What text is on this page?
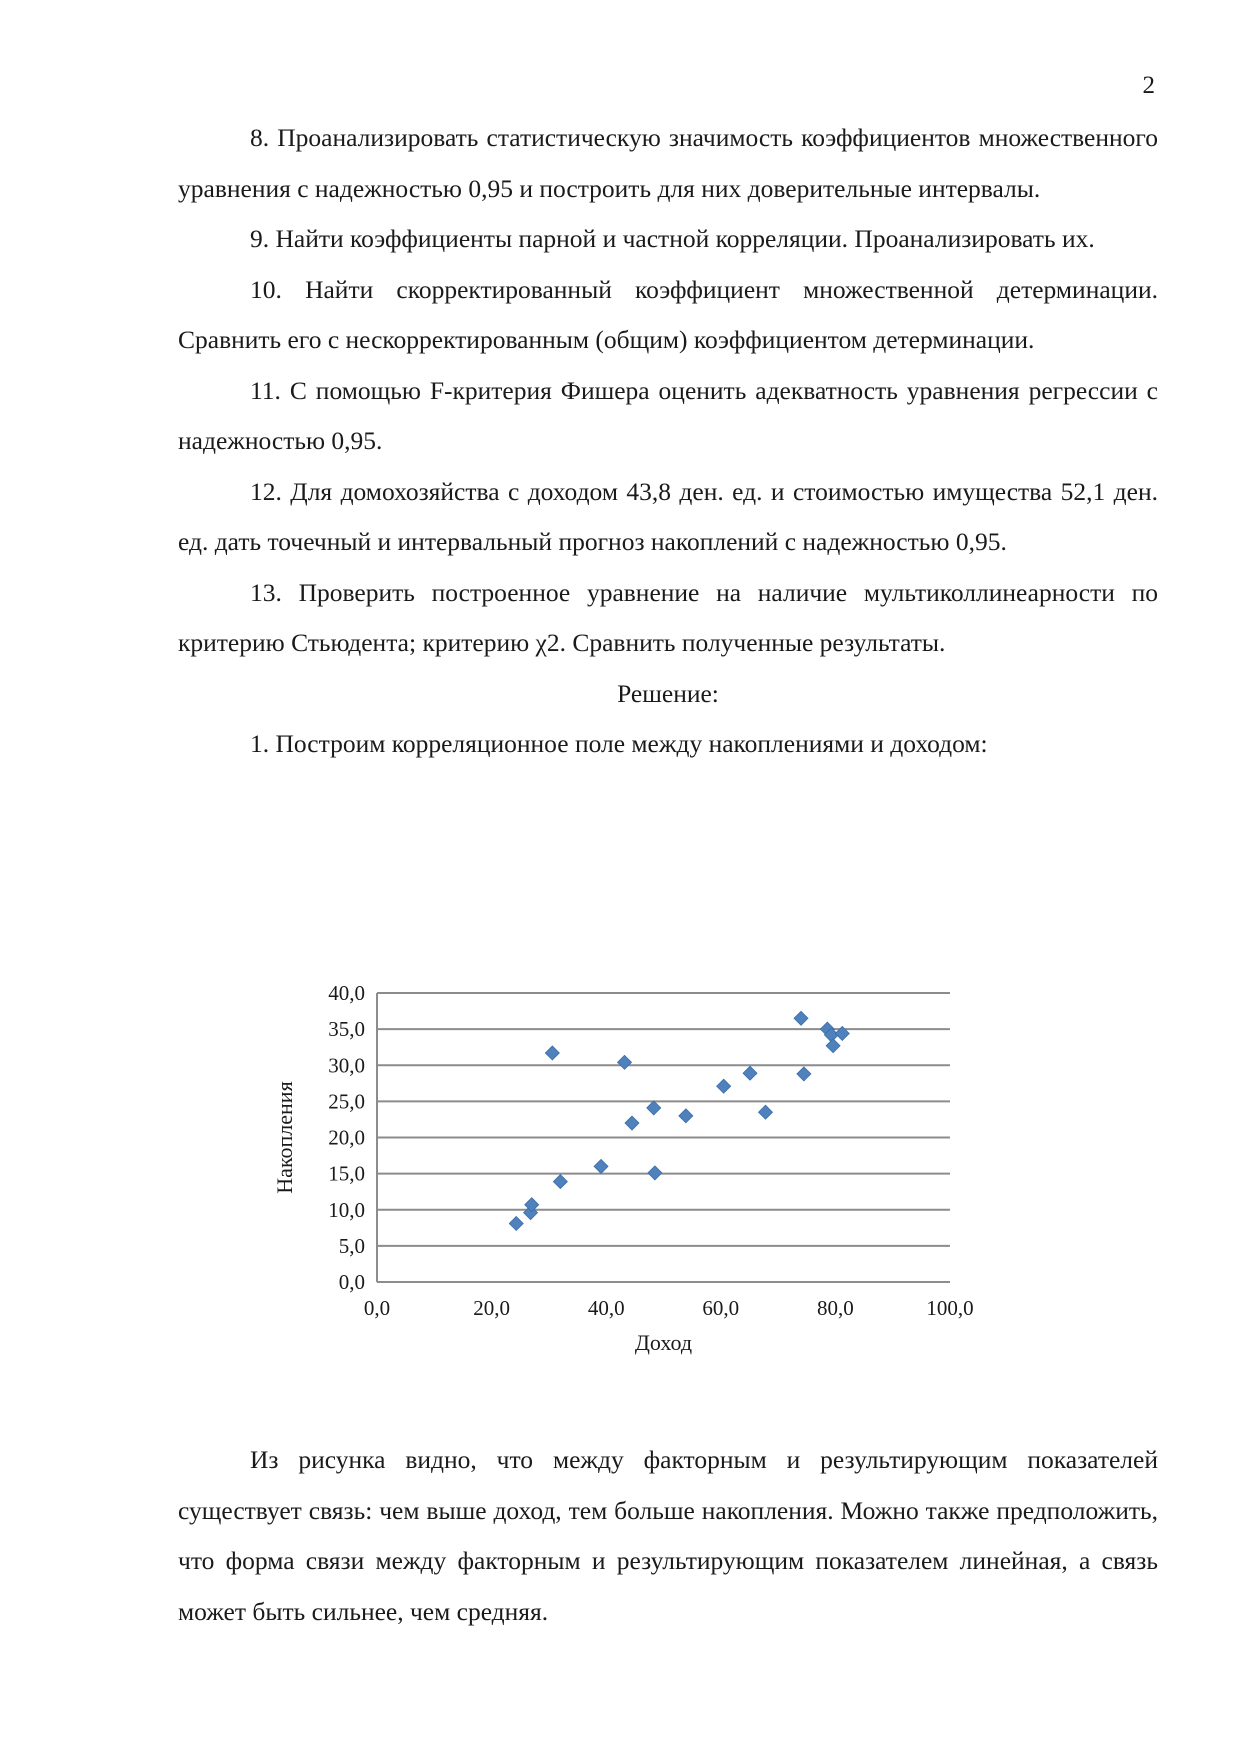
2

8. Проанализировать статистическую значимость коэффициентов множественного уравнения с надежностью 0,95 и построить для них доверительные интервалы.

9. Найти коэффициенты парной и частной корреляции. Проанализировать их.

10. Найти скорректированный коэффициент множественной детерминации. Сравнить его с нескорректированным (общим) коэффициентом детерминации.

11. С помощью F-критерия Фишера оценить адекватность уравнения регрессии с надежностью 0,95.

12. Для домохозяйства с доходом 43,8 ден. ед. и стоимостью имущества 52,1 ден. ед. дать точечный и интервальный прогноз накоплений с надежностью 0,95.

13. Проверить построенное уравнение на наличие мультиколлинеарности по критерию Стьюдента; критерию χ2. Сравнить полученные результаты.

Решение:

1. Построим корреляционное поле между накоплениями и доходом:

0,0
5,0
10,0
15,0
20,0
25,0
30,0
35,0
40,0
0,0	20,0	40,0	60,0	80,0	100,0
Доход
Накопления

Из рисунка видно, что между факторным и результирующим показателей существует связь: чем выше доход, тем больше накопления. Можно также предположить, что форма связи между факторным и результирующим показателем линейная, а связь может быть сильнее, чем средняя.
